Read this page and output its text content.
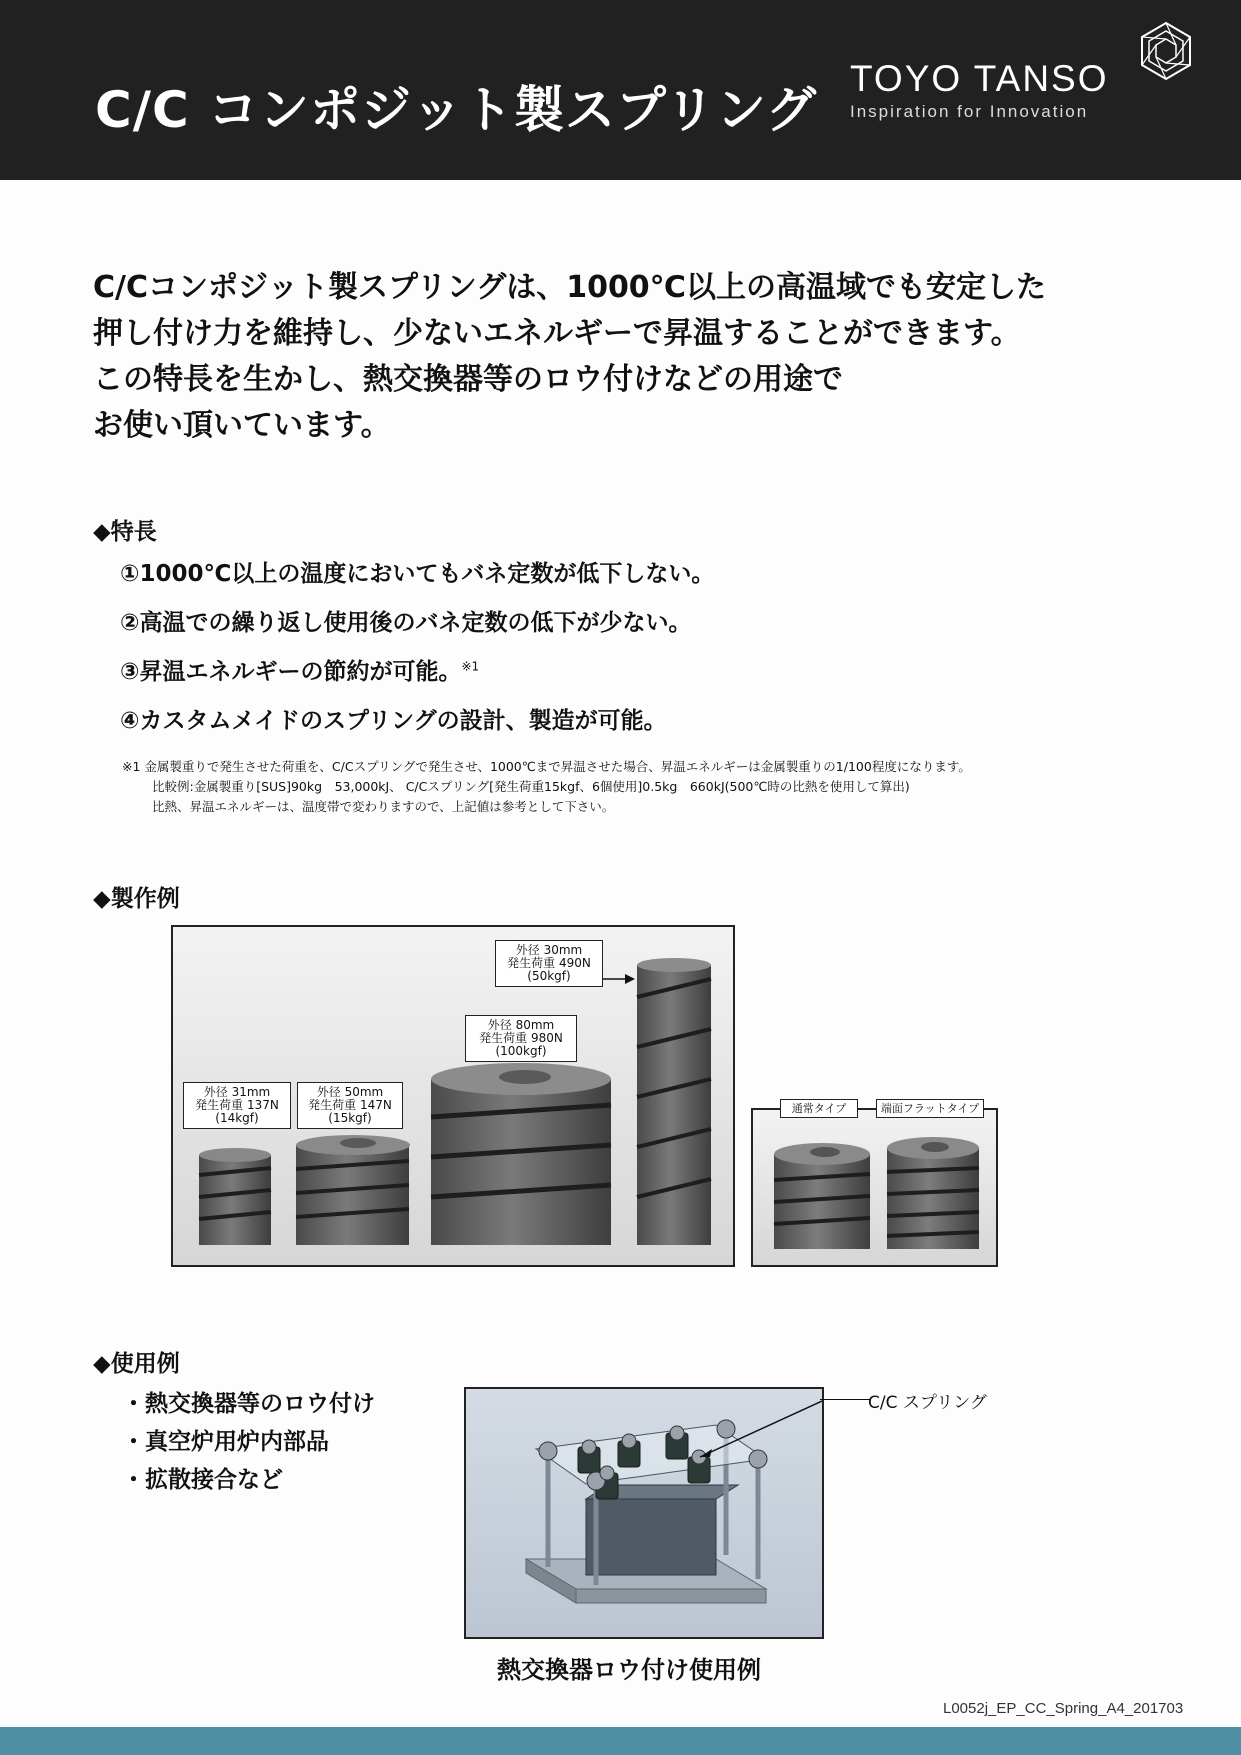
C/C コンポジット製スプリング
TOYO TANSO
Inspiration for Innovation
C/Cコンポジット製スプリングは、1000℃以上の高温域でも安定した
押し付け力を維持し、少ないエネルギーで昇温することができます。
この特長を生かし、熱交換器等のロウ付けなどの用途で
お使い頂いています。
◆特長
①1000℃以上の温度においてもバネ定数が低下しない。
②高温での繰り返し使用後のバネ定数の低下が少ない。
③昇温エネルギーの節約が可能。$^{※1}$
④カスタムメイドのスプリングの設計、製造が可能。
※1 金属製重りで発生させた荷重を、C/Cスプリングで発生させ、1000℃まで昇温させた場合、昇温エネルギーは金属製重りの1/100程度になります。
比較例:金属製重り[SUS]90kg　53,000kJ、 C/Cスプリング[発生荷重15kgf、6個使用]0.5kg　660kJ(500℃時の比熱を使用して算出)
比熱、昇温エネルギーは、温度帯で変わりますので、上記値は参考として下さい。
◆製作例
外径 31mm
発生荷重 137N
(14kgf)
外径 50mm
発生荷重 147N
(15kgf)
外径 80mm
発生荷重 980N
(100kgf)
外径 30mm
発生荷重 490N
(50kgf)
通常タイプ	端面フラットタイプ
◆使用例
・熱交換器等のロウ付け
・真空炉用炉内部品
・拡散接合など
C/C スプリング
熱交換器ロウ付け使用例
L0052j_EP_CC_Spring_A4_201703
